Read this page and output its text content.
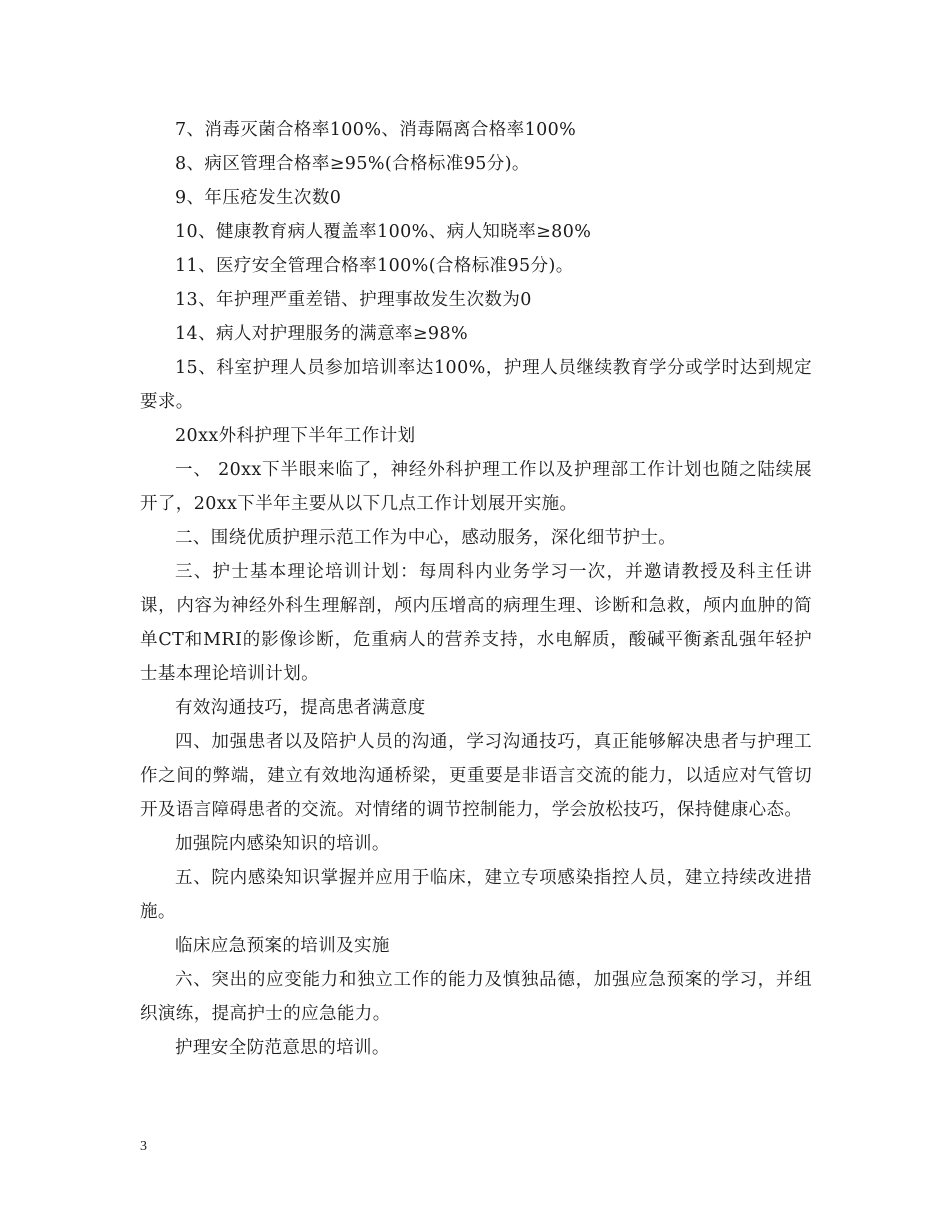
7、消毒灭菌合格率100%、消毒隔离合格率100%

8、病区管理合格率≥95%(合格标准95分)。

9、年压疮发生次数0

10、健康教育病人覆盖率100%、病人知晓率≥80%

11、医疗安全管理合格率100%(合格标准95分)。

13、年护理严重差错、护理事故发生次数为0

14、病人对护理服务的满意率≥98%

15、科室护理人员参加培训率达100%，护理人员继续教育学分或学时达到规定要求。

20xx外科护理下半年工作计划

一、 20xx下半眼来临了，神经外科护理工作以及护理部工作计划也随之陆续展开了，20xx下半年主要从以下几点工作计划展开实施。

二、围绕优质护理示范工作为中心，感动服务，深化细节护士。

三、护士基本理论培训计划：每周科内业务学习一次，并邀请教授及科主任讲课，内容为神经外科生理解剖，颅内压增高的病理生理、诊断和急救，颅内血肿的简单CT和MRI的影像诊断，危重病人的营养支持，水电解质，酸碱平衡紊乱强年轻护士基本理论培训计划。

有效沟通技巧，提高患者满意度

四、加强患者以及陪护人员的沟通，学习沟通技巧，真正能够解决患者与护理工作之间的弊端，建立有效地沟通桥梁，更重要是非语言交流的能力，以适应对气管切开及语言障碍患者的交流。对情绪的调节控制能力，学会放松技巧，保持健康心态。

加强院内感染知识的培训。

五、院内感染知识掌握并应用于临床，建立专项感染指控人员，建立持续改进措施。

临床应急预案的培训及实施

六、突出的应变能力和独立工作的能力及慎独品德，加强应急预案的学习，并组织演练，提高护士的应急能力。

护理安全防范意思的培训。

3
